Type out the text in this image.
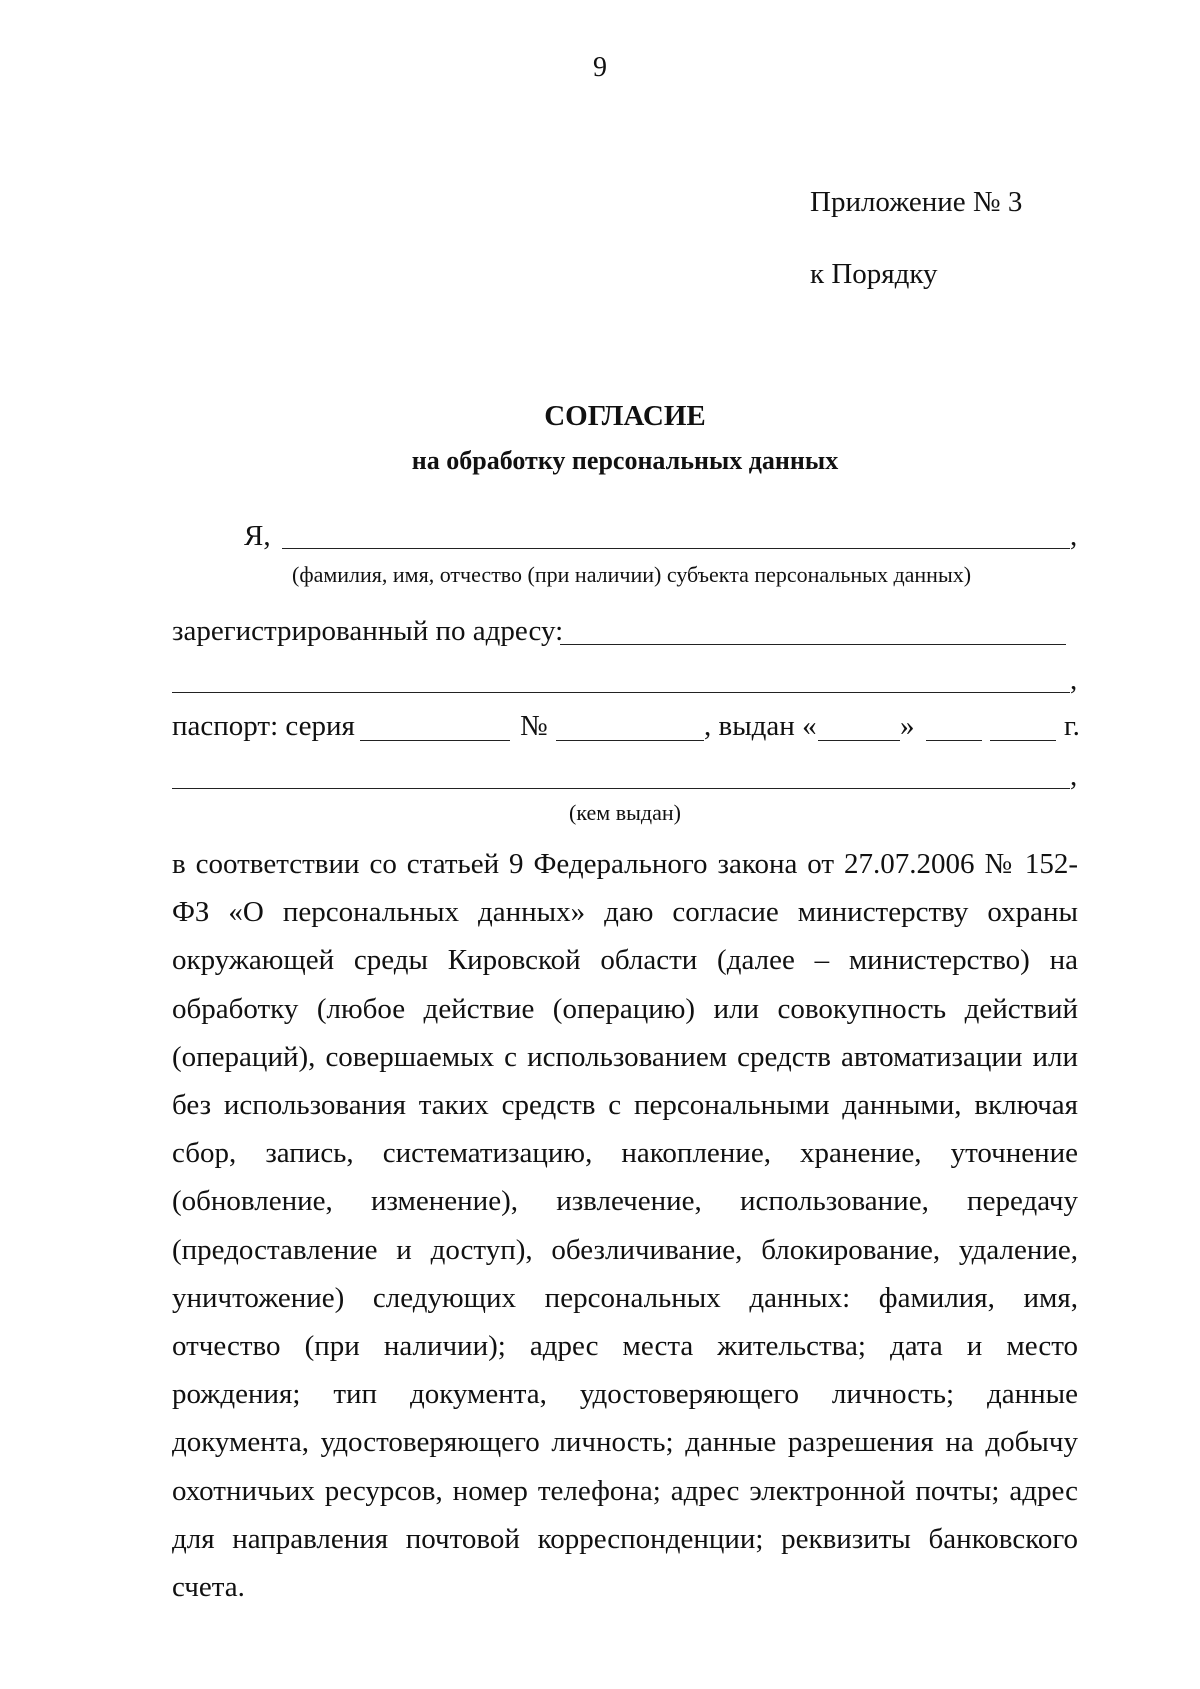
9
Приложение № 3
к Порядку
СОГЛАСИЕ
на обработку персональных данных
Я,	,
(фамилия, имя, отчество (при наличии) субъекта персональных данных)
зарегистрированный по адресу:
,
паспорт: серия	№	, выдан «	»	г.
,
(кем выдан)
в соответствии со статьей 9 Федерального закона от 27.07.2006 № 152-ФЗ «О персональных данных» даю согласие министерству охраны окружающей среды Кировской области (далее – министерство) на обработку (любое действие (операцию) или совокупность действий (операций), совершаемых с использованием средств автоматизации или без использования таких средств с персональными данными, включая сбор, запись, систематизацию, накопление, хранение, уточнение (обновление, изменение), извлечение, использование, передачу (предоставление и доступ), обезличивание, блокирование, удаление, уничтожение) следующих персональных данных: фамилия, имя, отчество (при наличии); адрес места жительства; дата и место рождения; тип документа, удостоверяющего личность; данные документа, удостоверяющего личность; данные разрешения на добычу охотничьих ресурсов, номер телефона; адрес электронной почты; адрес для направления почтовой корреспонденции; реквизиты банковского счета.
